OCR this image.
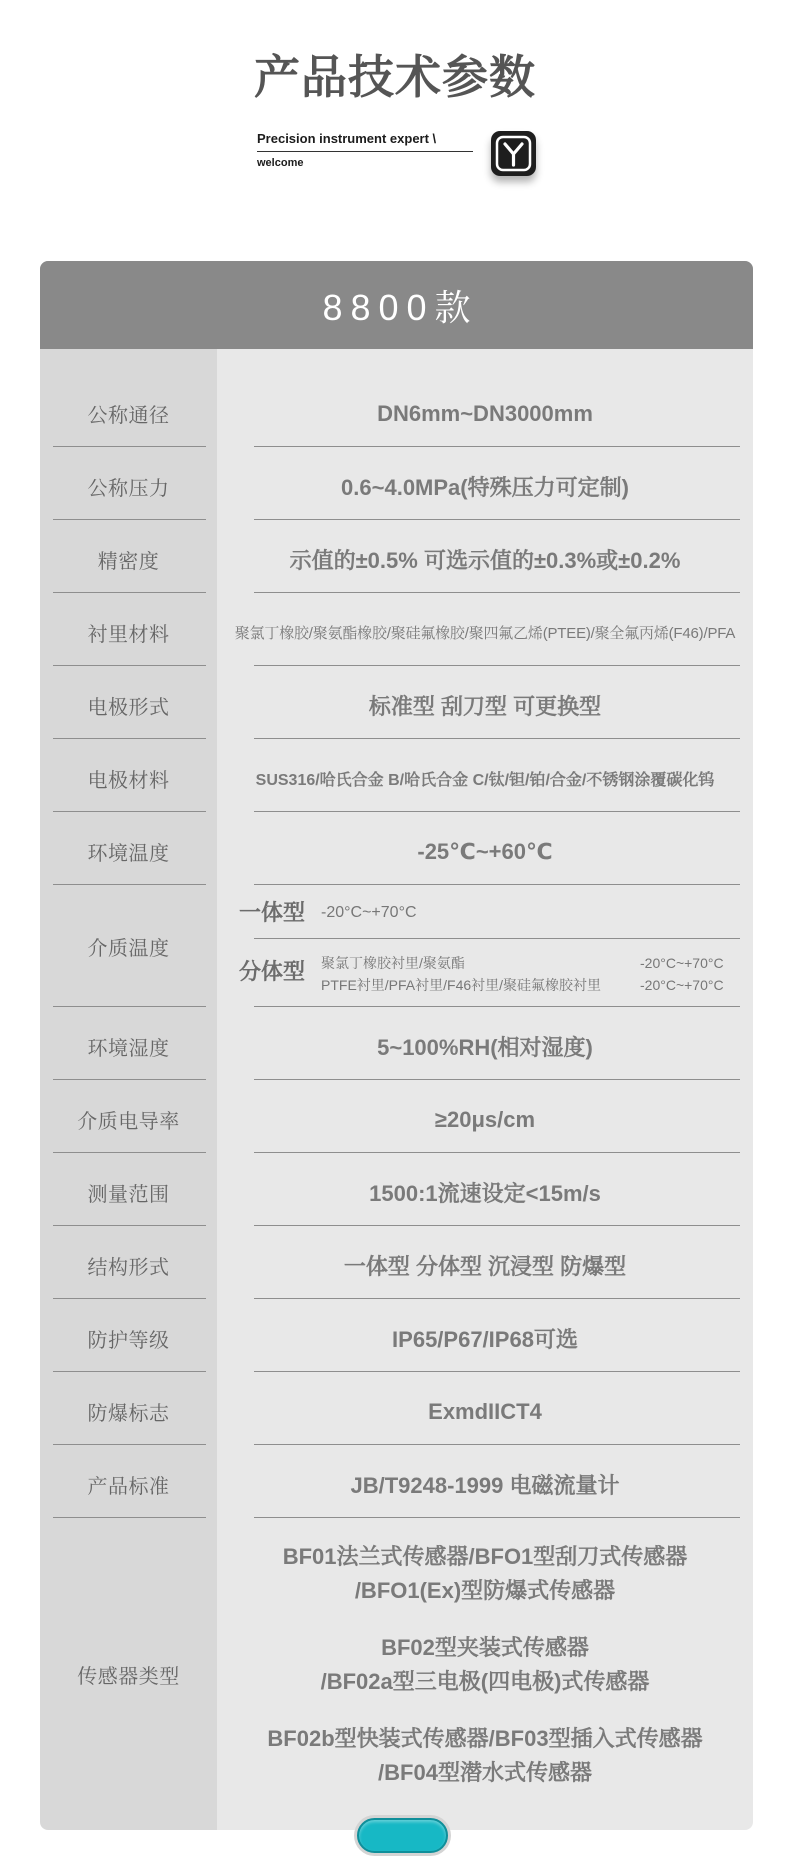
产品技术参数
Precision instrument expert \
welcome
8800款
公称通径	DN6mm~DN3000mm
公称压力	0.6~4.0MPa(特殊压力可定制)
精密度	示值的±0.5% 可选示值的±0.3%或±0.2%
衬里材料	聚氯丁橡胶/聚氨酯橡胶/聚硅氟橡胶/聚四氟乙烯(PTEE)/聚全氟丙烯(F46)/PFA
电极形式	标准型 刮刀型 可更换型
电极材料	SUS316/哈氏合金 B/哈氏合金 C/钛/钽/铂/合金/不锈钢涂覆碳化钨
环境温度	-25℃~+60℃
介质温度
一体型 -20°C~+70°C
分体型 聚氯丁橡胶衬里/聚氨酯	-20°C~+70°C
PTFE衬里/PFA衬里/F46衬里/聚硅氟橡胶衬里	-20°C~+70°C
环境湿度	5~100%RH(相对湿度)
介质电导率	≥20μs/cm
测量范围	1500:1流速设定<15m/s
结构形式	一体型 分体型 沉浸型 防爆型
防护等级	IP65/P67/IP68可选
防爆标志	ExmdIICT4
产品标准	JB/T9248-1999 电磁流量计
传感器类型
BF01法兰式传感器/BFO1型刮刀式传感器
/BFO1(Ex)型防爆式传感器
BF02型夹装式传感器
/BF02a型三电极(四电极)式传感器
BF02b型快装式传感器/BF03型插入式传感器
/BF04型潜水式传感器
